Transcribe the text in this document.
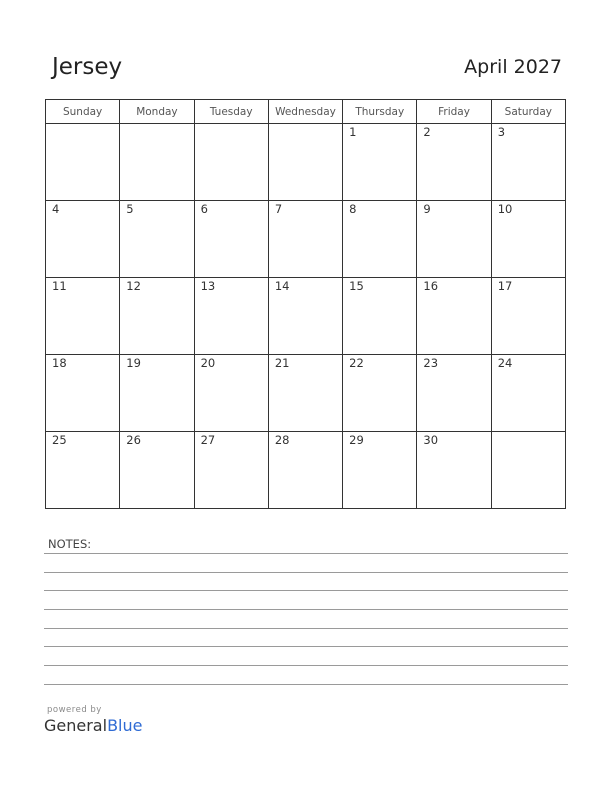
Jersey	April 2027
Sunday	Monday	Tuesday	Wednesday	Thursday	Friday	Saturday

				1	2	3

4	5	6	7	8	9	10

11	12	13	14	15	16	17

18	19	20	21	22	23	24

25	26	27	28	29	30	

NOTES:
powered by
GeneralBlue
